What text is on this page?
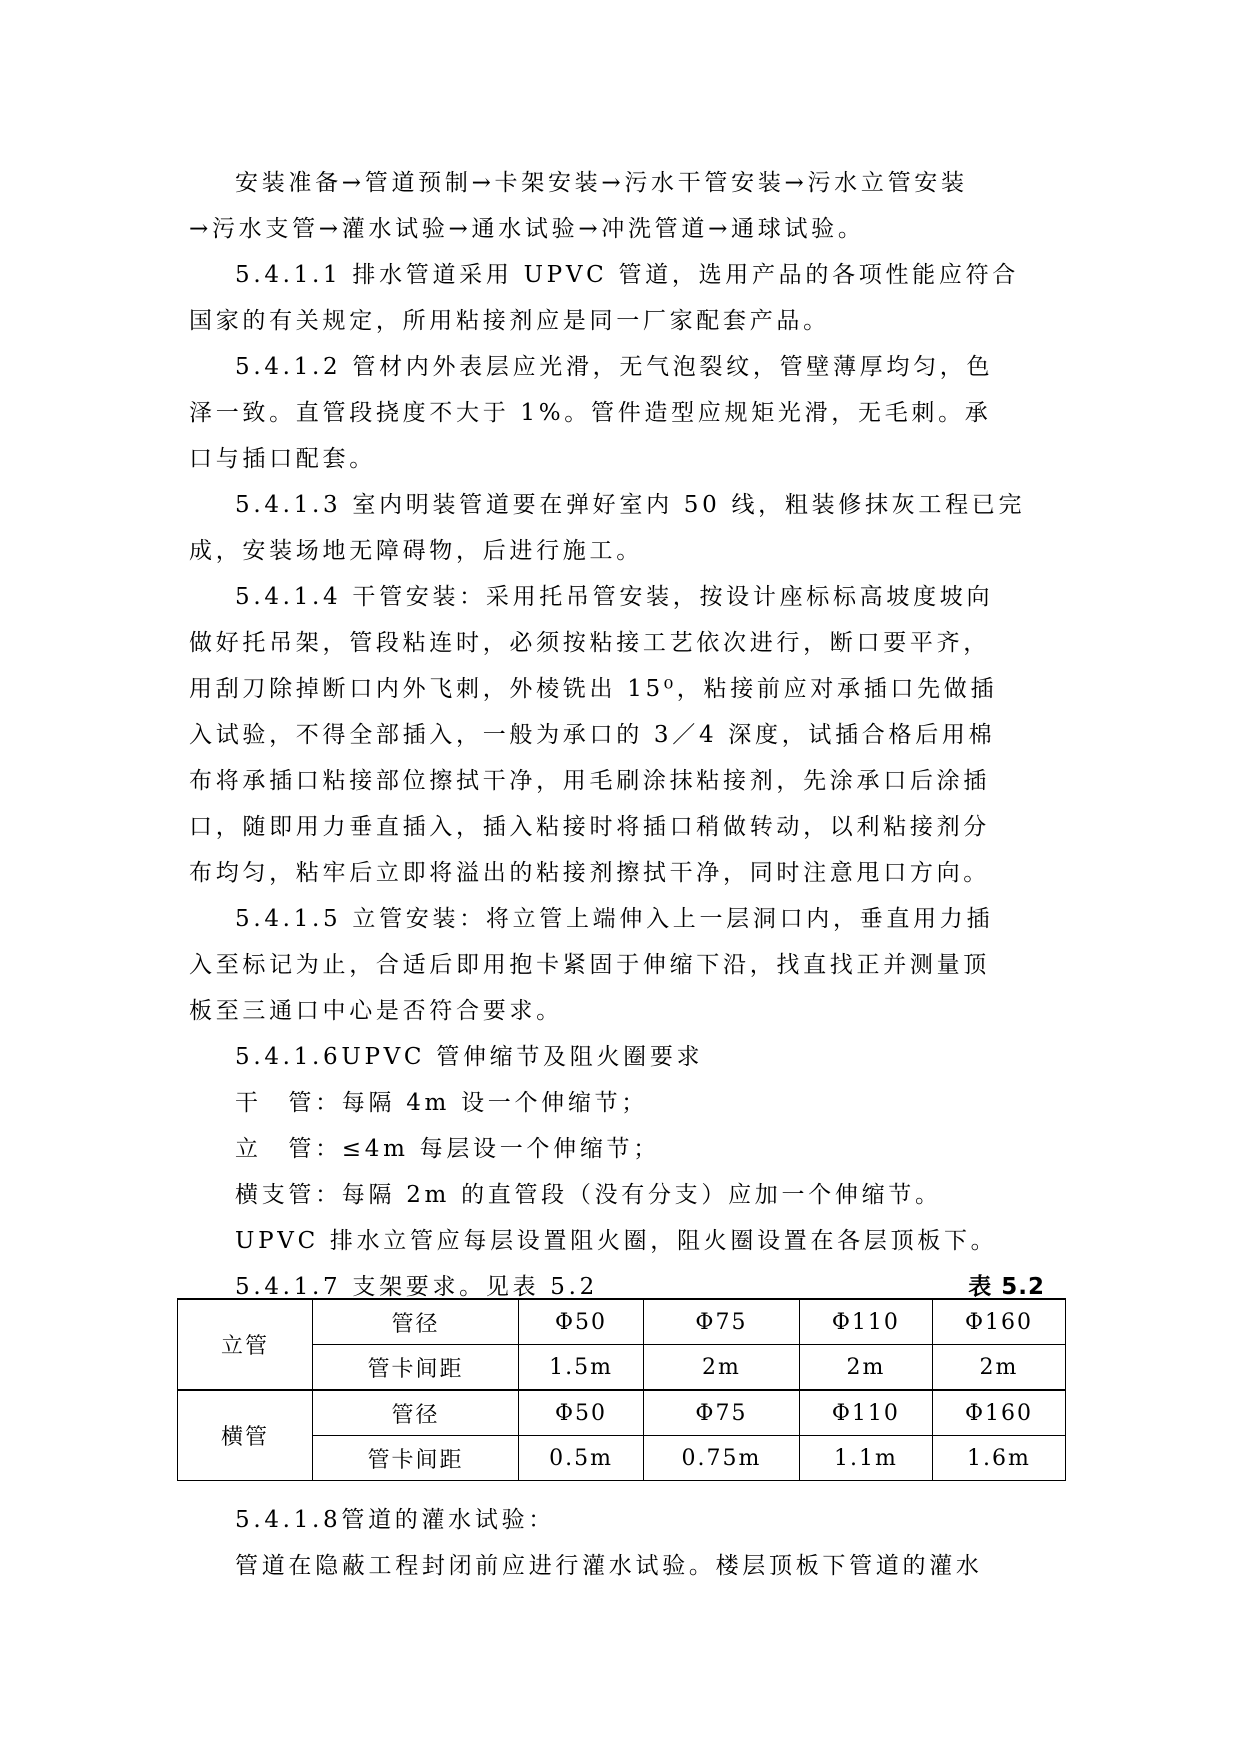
安装准备→管道预制→卡架安装→污水干管安装→污水立管安装

→污水支管→灌水试验→通水试验→冲洗管道→通球试验。

5.4.1.1 排水管道采用 UPVC 管道，选用产品的各项性能应符合

国家的有关规定，所用粘接剂应是同一厂家配套产品。

5.4.1.2 管材内外表层应光滑，无气泡裂纹，管壁薄厚均匀，色

泽一致。直管段挠度不大于 1%。管件造型应规矩光滑，无毛刺。承

口与插口配套。

5.4.1.3 室内明装管道要在弹好室内 50 线，粗装修抹灰工程已完

成，安装场地无障碍物，后进行施工。

5.4.1.4 干管安装：采用托吊管安装，按设计座标标高坡度坡向

做好托吊架，管段粘连时，必须按粘接工艺依次进行，断口要平齐，

用刮刀除掉断口内外飞刺，外棱铣出 15⁰，粘接前应对承插口先做插

入试验，不得全部插入，一般为承口的 3／4 深度，试插合格后用棉

布将承插口粘接部位擦拭干净，用毛刷涂抹粘接剂，先涂承口后涂插

口，随即用力垂直插入，插入粘接时将插口稍做转动，以利粘接剂分

布均匀，粘牢后立即将溢出的粘接剂擦拭干净，同时注意甩口方向。

5.4.1.5 立管安装：将立管上端伸入上一层洞口内，垂直用力插

入至标记为止，合适后即用抱卡紧固于伸缩下沿，找直找正并测量顶

板至三通口中心是否符合要求。

5.4.1.6UPVC 管伸缩节及阻火圈要求

干　管：每隔 4m 设一个伸缩节；

立　管：≤4m 每层设一个伸缩节；

横支管：每隔 2m 的直管段（没有分支）应加一个伸缩节。

UPVC 排水立管应每层设置阻火圈，阻火圈设置在各层顶板下。

5.4.1.7 支架要求。见表 5.2	表 5.2
立管	管径	Φ50	Φ75	Φ110	Φ160
	管卡间距	1.5m	2m	2m	2m
横管	管径	Φ50	Φ75	Φ110	Φ160
	管卡间距	0.5m	0.75m	1.1m	1.6m

5.4.1.8管道的灌水试验：

管道在隐蔽工程封闭前应进行灌水试验。楼层顶板下管道的灌水
